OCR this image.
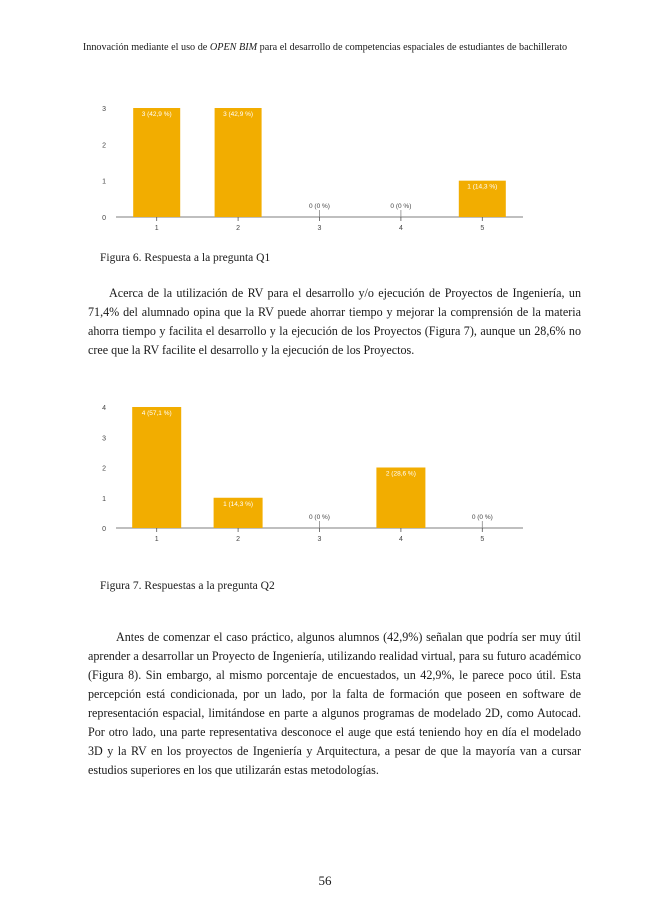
Innovación mediante el uso de OPEN BIM para el desarrollo de competencias espaciales de estudiantes de bachillerato
0
1
2
3
1
3 (42,9 %)
2
3 (42,9 %)
3
0 (0 %)
4
0 (0 %)
5
1 (14,3 %)
Figura 6. Respuesta a la pregunta Q1

Acerca de la utilización de RV para el desarrollo y/o ejecución de Proyectos de Ingeniería, un 71,4% del alumnado opina que la RV puede ahorrar tiempo y mejorar la comprensión de la materia ahorra tiempo y facilita el desarrollo y la ejecución de los Proyectos (Figura 7), aunque un 28,6% no cree que la RV facilite el desarrollo y la ejecución de los Proyectos.

0
1
2
3
4
1
4 (57,1 %)
2
1 (14,3 %)
3
0 (0 %)
4
2 (28,6 %)
5
0 (0 %)
Figura 7. Respuestas a la pregunta Q2

Antes de comenzar el caso práctico, algunos alumnos (42,9%) señalan que podría ser muy útil aprender a desarrollar un Proyecto de Ingeniería, utilizando realidad virtual, para su futuro académico (Figura 8). Sin embargo, al mismo porcentaje de encuestados, un 42,9%, le parece poco útil. Esta percepción está condicionada, por un lado, por la falta de formación que poseen en software de representación espacial, limitándose en parte a algunos programas de modelado 2D, como Autocad. Por otro lado, una parte representativa desconoce el auge que está teniendo hoy en día el modelado 3D y la RV en los proyectos de Ingeniería y Arquitectura, a pesar de que la mayoría van a cursar estudios superiores en los que utilizarán estas metodologías.

56
